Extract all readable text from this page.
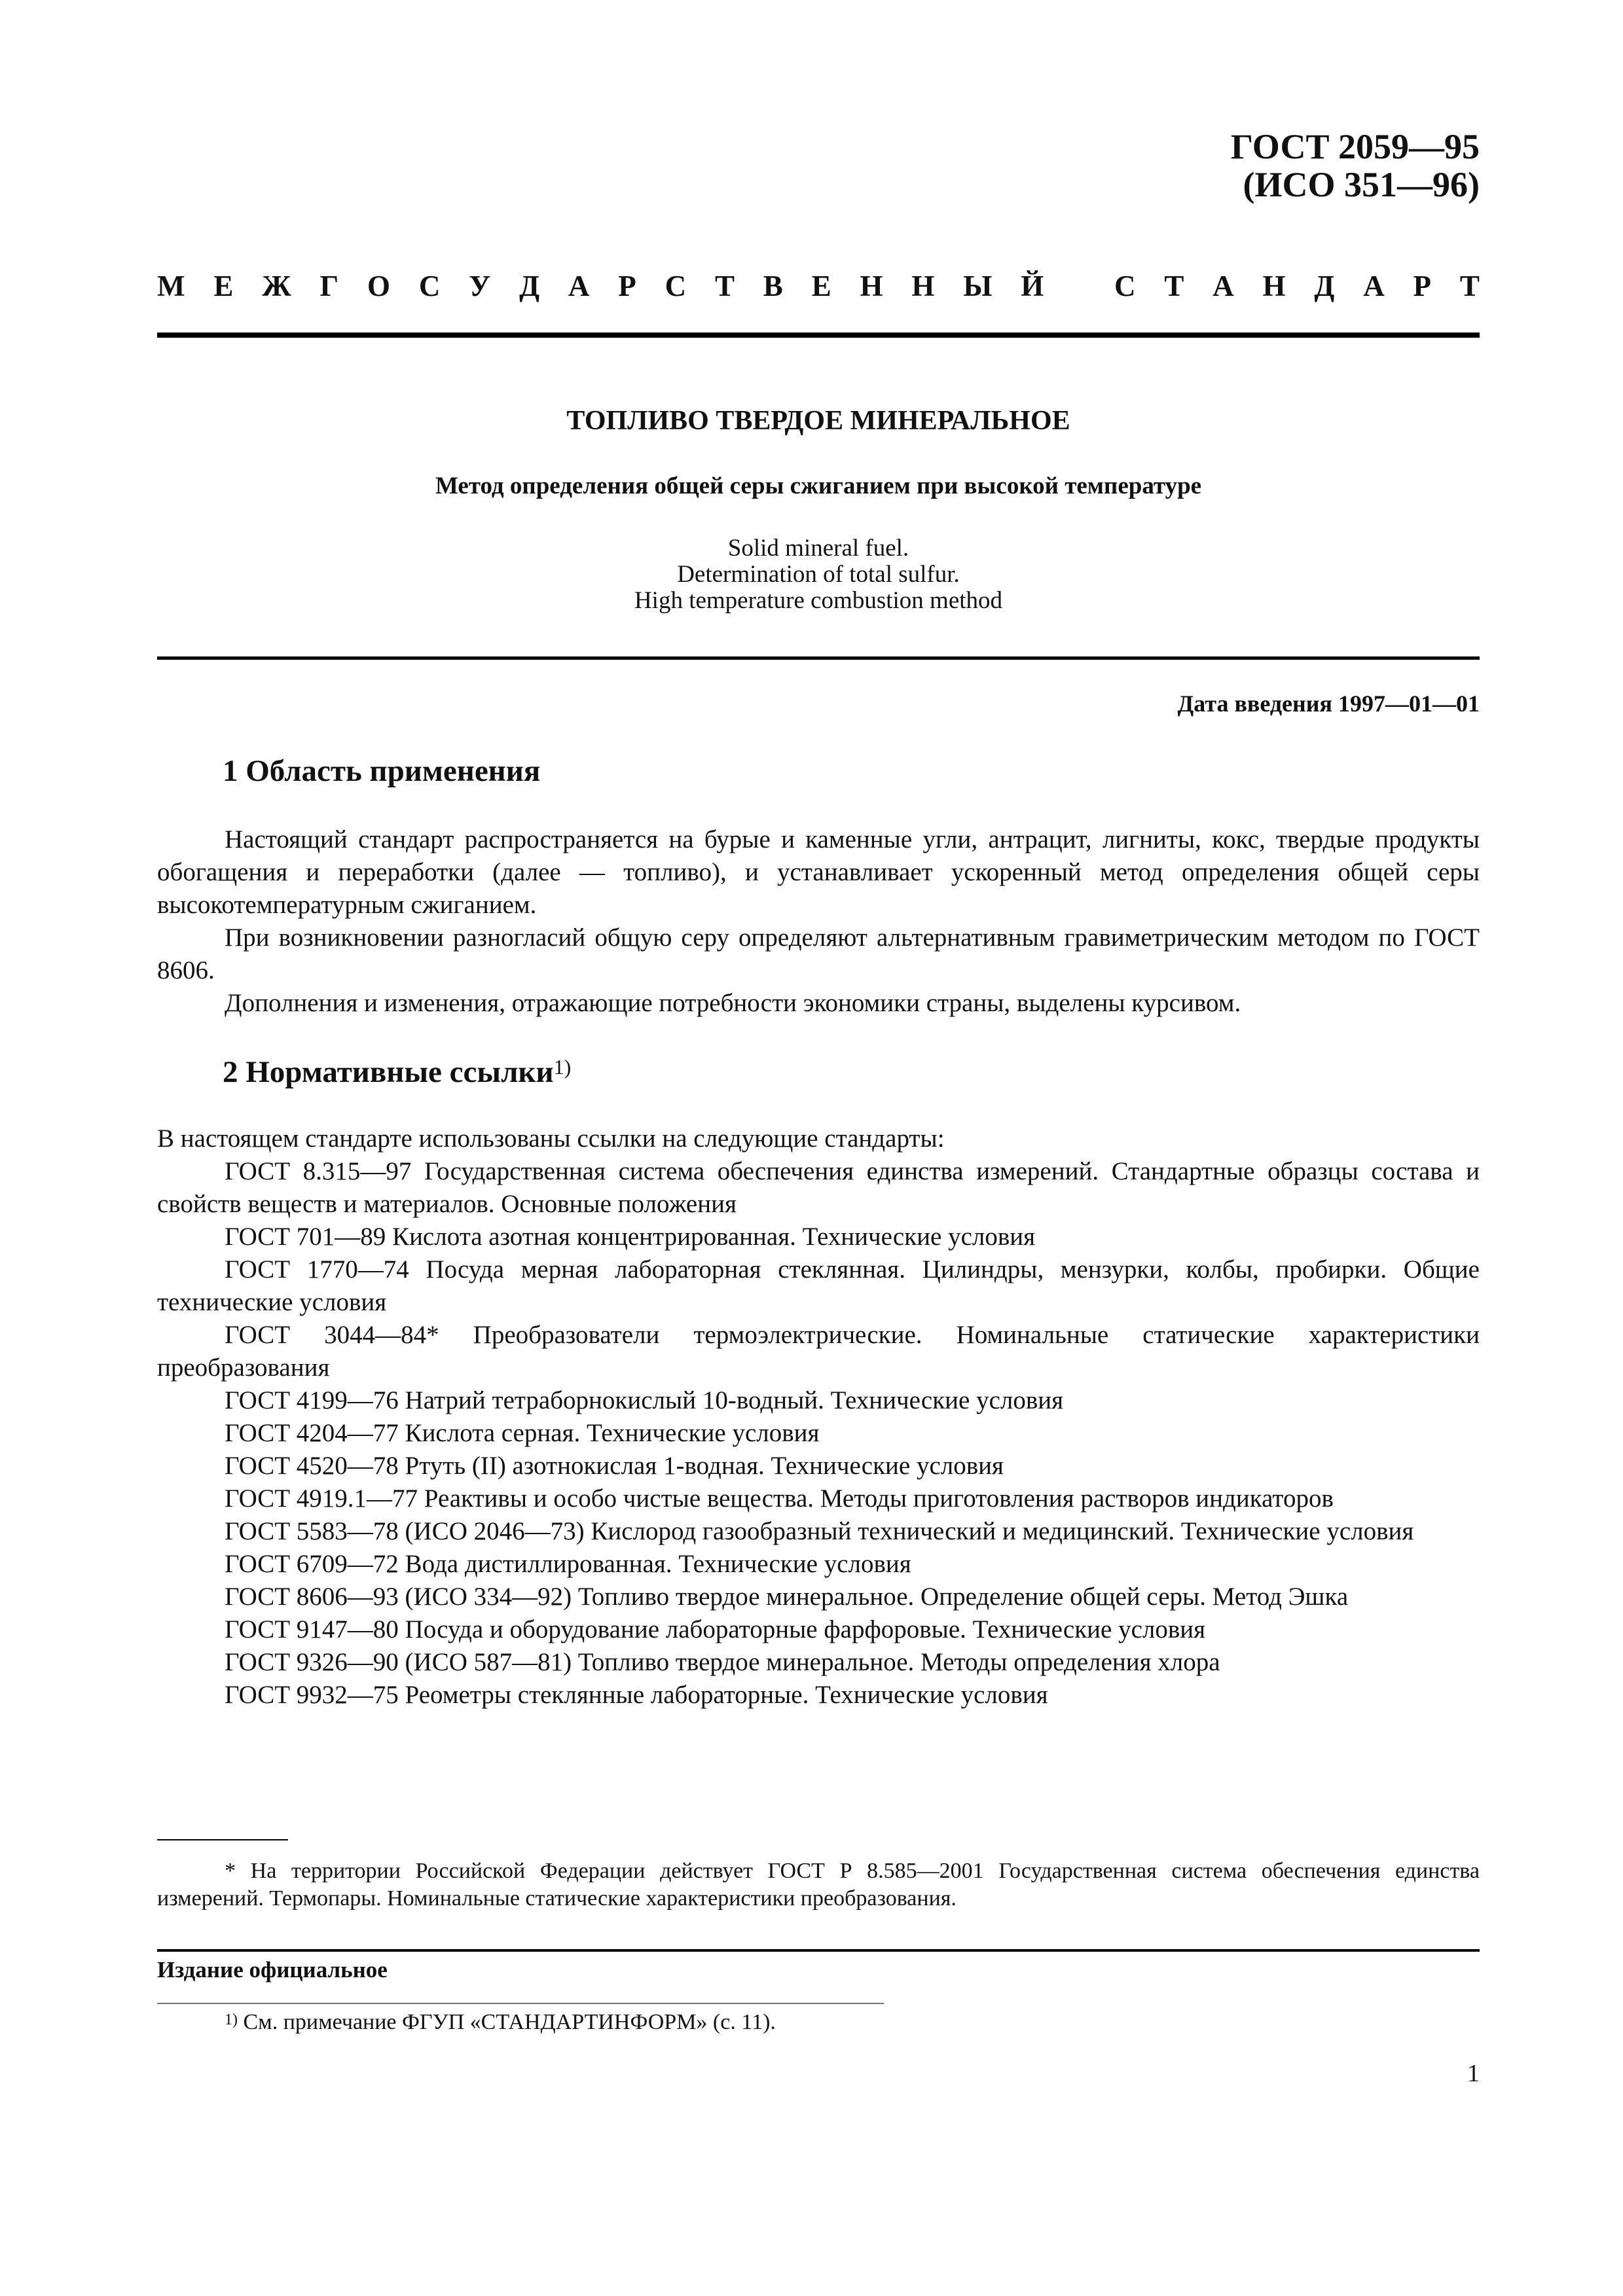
ГОСТ 2059—95
(ИСО 351—96)
М Е Ж Г О С У Д А Р С Т В Е Н Н Ы Й С Т А Н Д А Р Т
ТОПЛИВО ТВЕРДОЕ МИНЕРАЛЬНОЕ
Метод определения общей серы сжиганием при высокой температуре
Solid mineral fuel.
Determination of total sulfur.
High temperature combustion method
Дата введения 1997—01—01
1 Область применения

Настоящий стандарт распространяется на бурые и каменные угли, антрацит, лигниты, кокс, твердые продукты обогащения и переработки (далее — топливо), и устанавливает ускоренный метод определения общей серы высокотемпературным сжиганием.

При возникновении разногласий общую серу определяют альтернативным гравиметрическим методом по ГОСТ 8606.

Дополнения и изменения, отражающие потребности экономики страны, выделены курсивом.

2 Нормативные ссылки$^{1)}$

В настоящем стандарте использованы ссылки на следующие стандарты:

ГОСТ 8.315—97 Государственная система обеспечения единства измерений. Стандартные образцы состава и свойств веществ и материалов. Основные положения
ГОСТ 701—89 Кислота азотная концентрированная. Технические условия
ГОСТ 1770—74 Посуда мерная лабораторная стеклянная. Цилиндры, мензурки, колбы, пробирки. Общие технические условия
ГОСТ 3044—84* Преобразователи термоэлектрические. Номинальные статические характеристики преобразования
ГОСТ 4199—76 Натрий тетраборнокислый 10-водный. Технические условия
ГОСТ 4204—77 Кислота серная. Технические условия
ГОСТ 4520—78 Ртуть (II) азотнокислая 1-водная. Технические условия
ГОСТ 4919.1—77 Реактивы и особо чистые вещества. Методы приготовления растворов индикаторов
ГОСТ 5583—78 (ИСО 2046—73) Кислород газообразный технический и медицинский. Технические условия
ГОСТ 6709—72 Вода дистиллированная. Технические условия
ГОСТ 8606—93 (ИСО 334—92) Топливо твердое минеральное. Определение общей серы. Метод Эшка
ГОСТ 9147—80 Посуда и оборудование лабораторные фарфоровые. Технические условия
ГОСТ 9326—90 (ИСО 587—81) Топливо твердое минеральное. Методы определения хлора
ГОСТ 9932—75 Реометры стеклянные лабораторные. Технические условия
* На территории Российской Федерации действует ГОСТ Р 8.585—2001 Государственная система обеспечения единства измерений. Термопары. Номинальные статические характеристики преобразования.
Издание официальное
$^{1)}$ См. примечание ФГУП «СТАНДАРТИНФОРМ» (с. 11).
1
